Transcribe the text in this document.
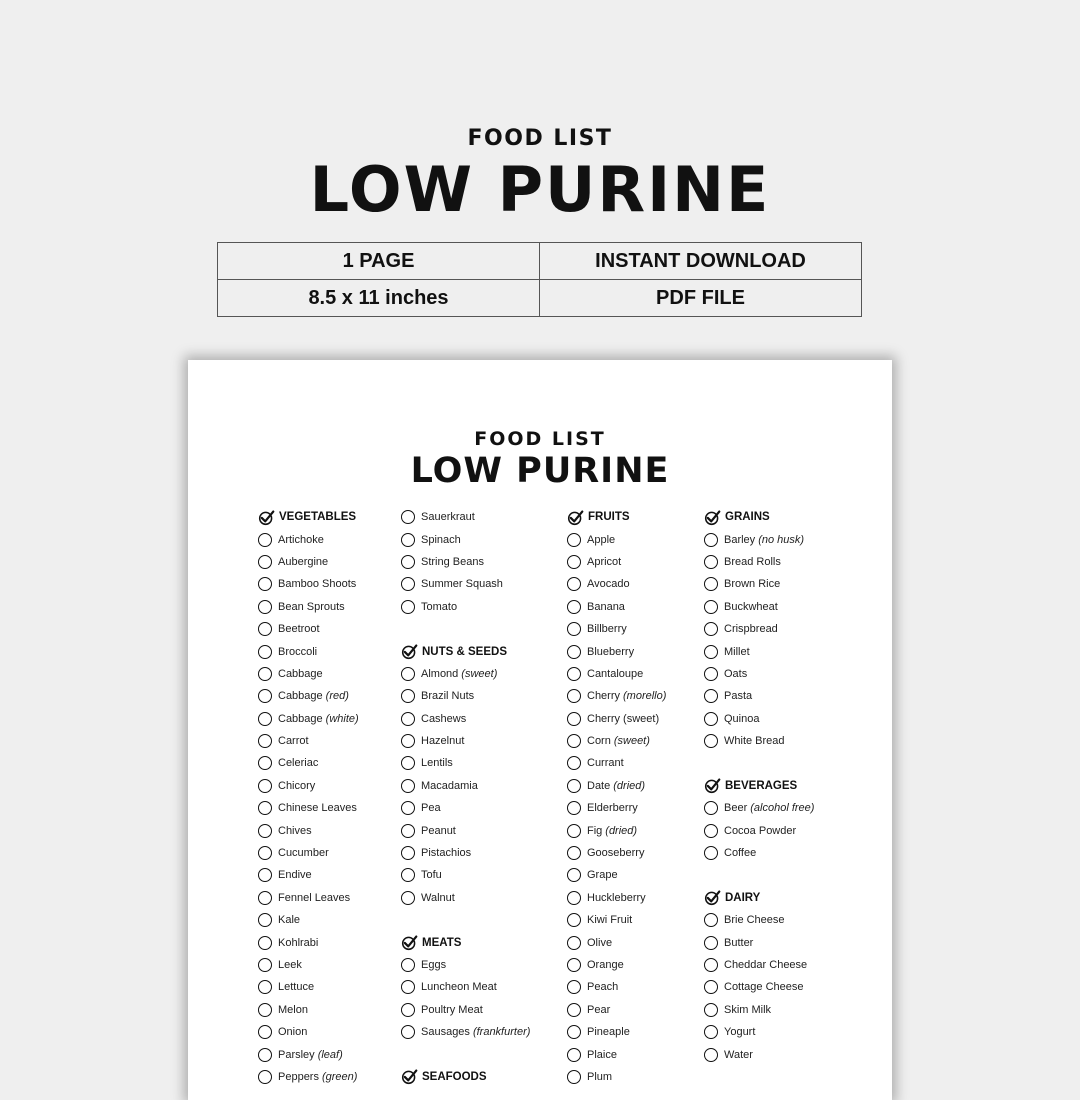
FOOD LIST
LOW PURINE
1 PAGE	INSTANT DOWNLOAD
8.5 x 11 inches	PDF FILE
FOOD LIST
LOW PURINE
VEGETABLES
Artichoke
Aubergine
Bamboo Shoots
Bean Sprouts
Beetroot
Broccoli
Cabbage
Cabbage (red)
Cabbage (white)
Carrot
Celeriac
Chicory
Chinese Leaves
Chives
Cucumber
Endive
Fennel Leaves
Kale
Kohlrabi
Leek
Lettuce
Melon
Onion
Parsley (leaf)
Peppers (green)
Sauerkraut
Spinach
String Beans
Summer Squash
Tomato
NUTS & SEEDS
Almond (sweet)
Brazil Nuts
Cashews
Hazelnut
Lentils
Macadamia
Pea
Peanut
Pistachios
Tofu
Walnut
MEATS
Eggs
Luncheon Meat
Poultry Meat
Sausages (frankfurter)
SEAFOODS
FRUITS
Apple
Apricot
Avocado
Banana
Billberry
Blueberry
Cantaloupe
Cherry (morello)
Cherry (sweet)
Corn (sweet)
Currant
Date (dried)
Elderberry
Fig (dried)
Gooseberry
Grape
Huckleberry
Kiwi Fruit
Olive
Orange
Peach
Pear
Pineaple
Plaice
Plum
GRAINS
Barley (no husk)
Bread Rolls
Brown Rice
Buckwheat
Crispbread
Millet
Oats
Pasta
Quinoa
White Bread
BEVERAGES
Beer (alcohol free)
Cocoa Powder
Coffee
DAIRY
Brie Cheese
Butter
Cheddar Cheese
Cottage Cheese
Skim Milk
Yogurt
Water
